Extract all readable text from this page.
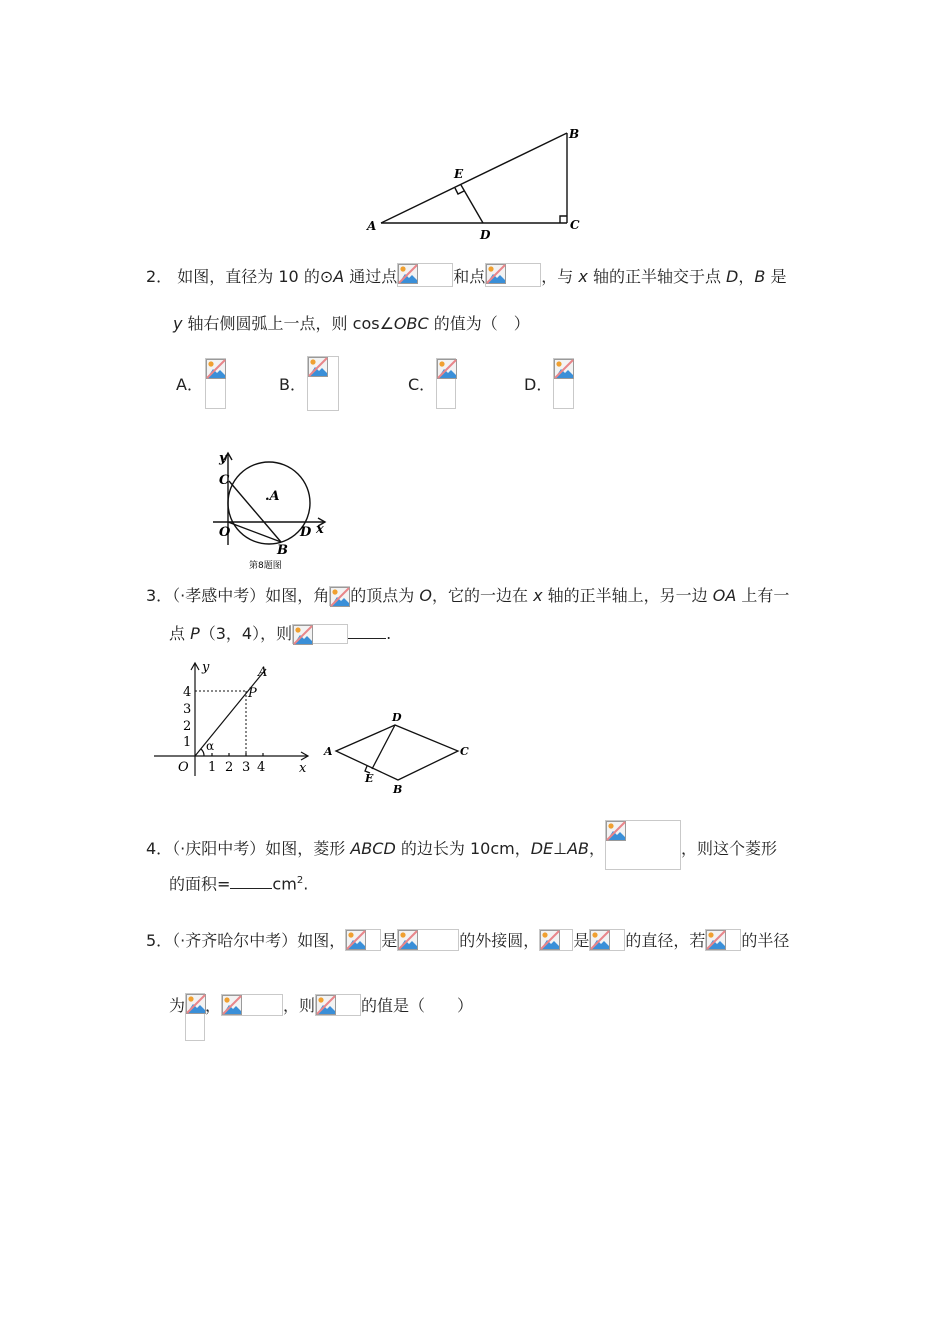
B
E
A
D
C
2． 如图，直径为 10 的⊙A 通过点	和点	，与 x 轴的正半轴交于点 D，B 是
y 轴右侧圆弧上一点，则 cos∠OBC 的值为（　）
A．	B．	C．	D．
y
C
.A
O	D x
B
第8题图
3．（·孝感中考）如图，角 的顶点为 O，它的一边在 x 轴的正半轴上，另一边 OA 上有一
点 P（3，4），则	.
y	A
P
4
3
2
1 α
O 1 2 3 4	x
D
A	C
E
B
4．（·庆阳中考）如图，菱形 ABCD 的边长为 10cm，DE⊥AB，	，则这个菱形
的面积=	$cm^2$.
5．（·齐齐哈尔中考）如图， 是	的外接圆， 是 的直径，若 的半径
为 ，	，则	的值是（　　）
